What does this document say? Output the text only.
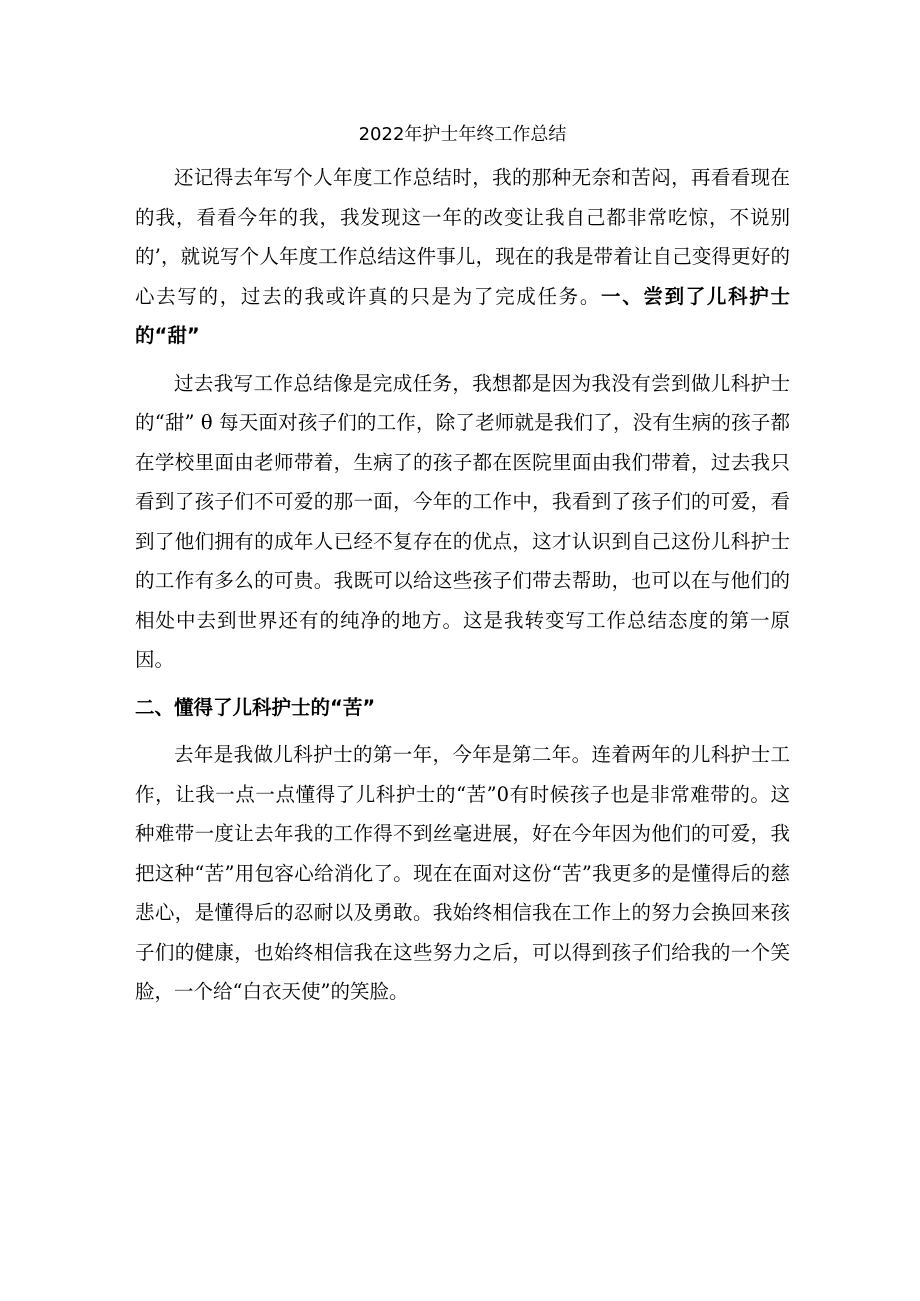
2022年护士年终工作总结

还记得去年写个人年度工作总结时，我的那种无奈和苦闷，再看看现在的我，看看今年的我，我发现这一年的改变让我自己都非常吃惊，不说别的’，就说写个人年度工作总结这件事儿，现在的我是带着让自己变得更好的心去写的，过去的我或许真的只是为了完成任务。一、尝到了儿科护士的“甜”

过去我写工作总结像是完成任务，我想都是因为我没有尝到做儿科护士的“甜” θ 每天面对孩子们的工作，除了老师就是我们了，没有生病的孩子都在学校里面由老师带着，生病了的孩子都在医院里面由我们带着，过去我只看到了孩子们不可爱的那一面，今年的工作中，我看到了孩子们的可爱，看到了他们拥有的成年人已经不复存在的优点，这才认识到自己这份儿科护士的工作有多么的可贵。我既可以给这些孩子们带去帮助，也可以在与他们的相处中去到世界还有的纯净的地方。这是我转变写工作总结态度的第一原因。

二、懂得了儿科护士的“苦”

去年是我做儿科护士的第一年，今年是第二年。连着两年的儿科护士工作，让我一点一点懂得了儿科护士的“苦”0有时候孩子也是非常难带的。这种难带一度让去年我的工作得不到丝毫进展，好在今年因为他们的可爱，我把这种“苦”用包容心给消化了。现在在面对这份“苦”我更多的是懂得后的慈悲心，是懂得后的忍耐以及勇敢。我始终相信我在工作上的努力会换回来孩子们的健康，也始终相信我在这些努力之后，可以得到孩子们给我的一个笑脸，一个给“白衣天使”的笑脸。
